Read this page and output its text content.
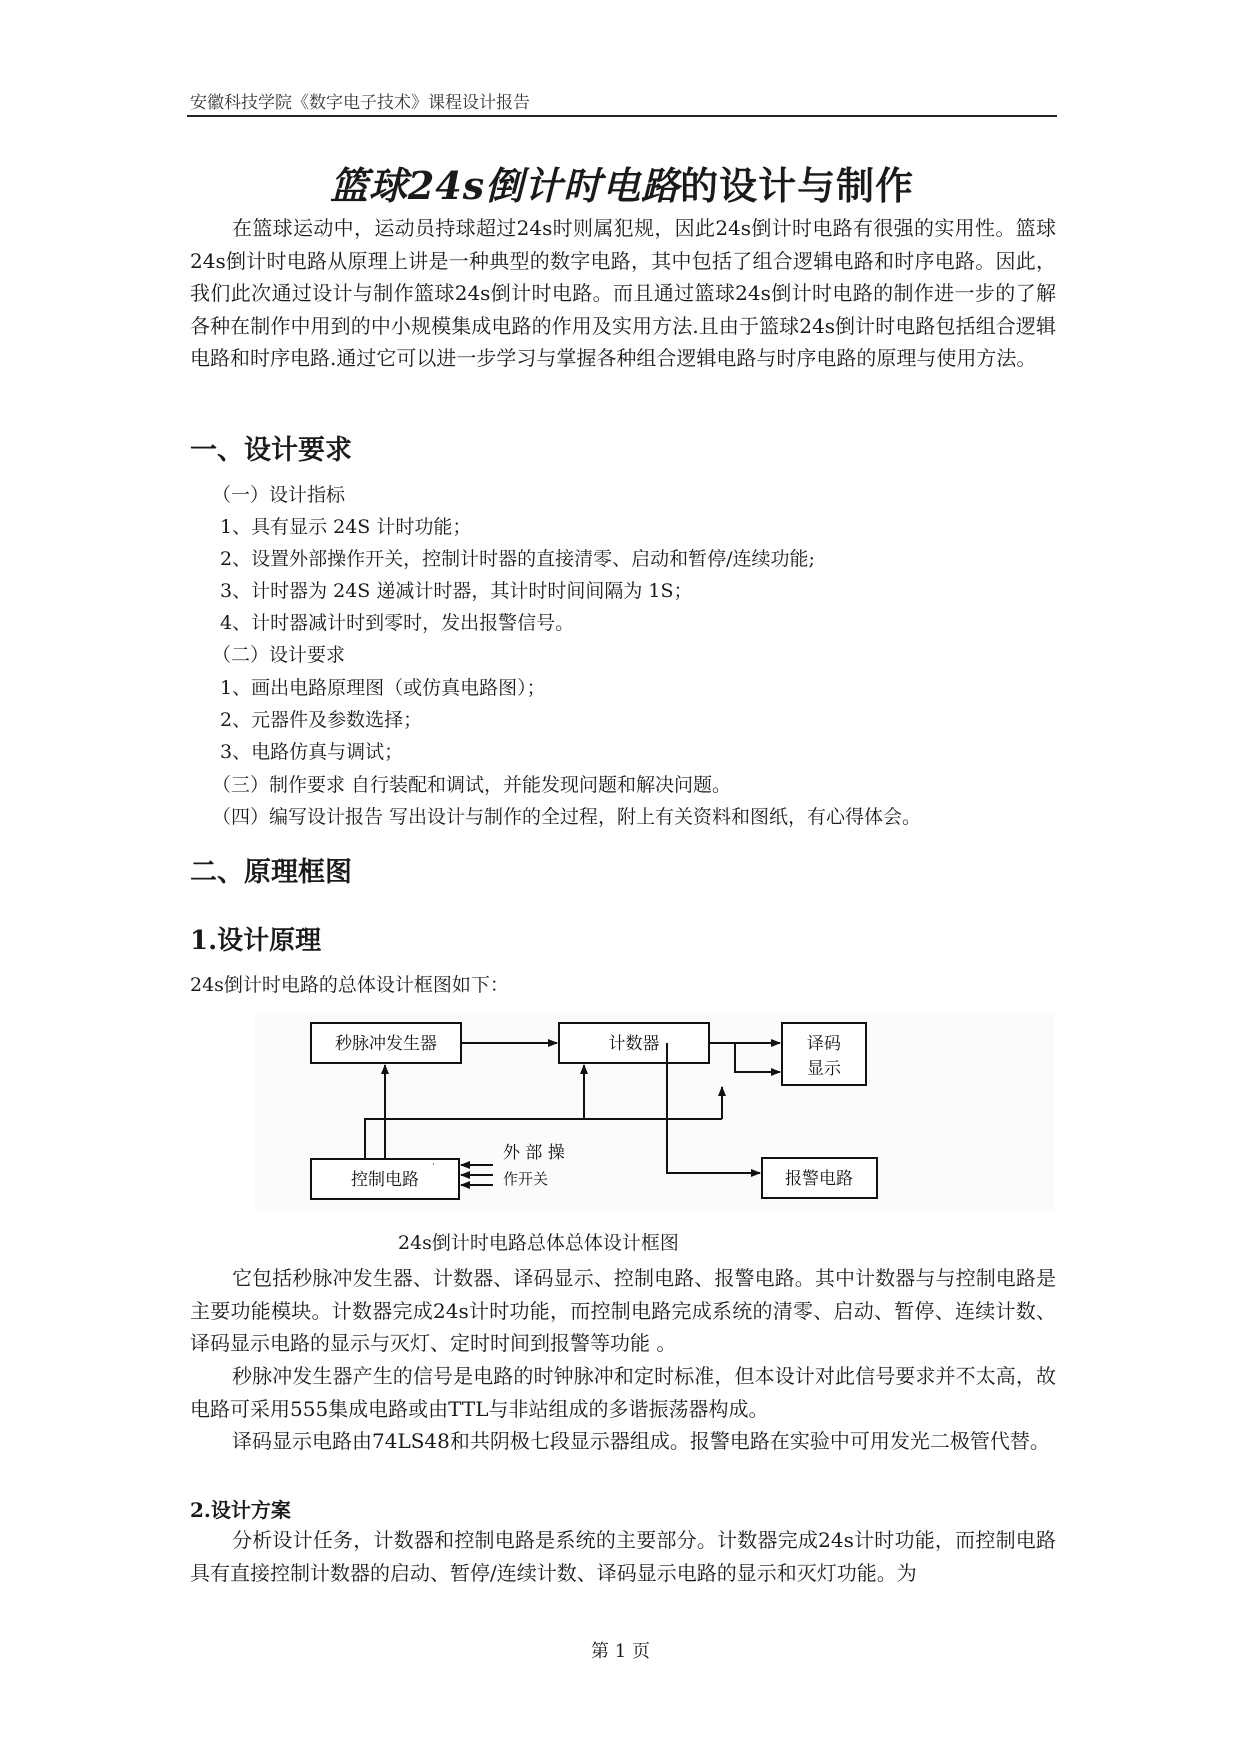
安徽科技学院《数字电子技术》课程设计报告
篮球24s倒计时电路的设计与制作
在篮球运动中，运动员持球超过24s时则属犯规，因此24s倒计时电路有很强的实用性。篮球24s倒计时电路从原理上讲是一种典型的数字电路，其中包括了组合逻辑电路和时序电路。因此，我们此次通过设计与制作篮球24s倒计时电路。而且通过篮球24s倒计时电路的制作进一步的了解各种在制作中用到的中小规模集成电路的作用及实用方法.且由于篮球24s倒计时电路包括组合逻辑电路和时序电路.通过它可以进一步学习与掌握各种组合逻辑电路与时序电路的原理与使用方法。
一、设计要求
（一）设计指标
1、具有显示 24S 计时功能；
2、设置外部操作开关，控制计时器的直接清零、启动和暂停/连续功能;
3、计时器为 24S 递减计时器，其计时时间间隔为 1S；
4、计时器减计时到零时，发出报警信号。
（二）设计要求
1、画出电路原理图（或仿真电路图）；
2、元器件及参数选择；
3、电路仿真与调试；
（三）制作要求 自行装配和调试，并能发现问题和解决问题。
（四）编写设计报告 写出设计与制作的全过程，附上有关资料和图纸，有心得体会。
二、原理框图
1.设计原理
24s倒计时电路的总体设计框图如下：
秒脉冲发生器	计数器	译码
显示
控制电路	报警电路
外 部 操
作开关
24s倒计时电路总体总体设计框图
它包括秒脉冲发生器、计数器、译码显示、控制电路、报警电路。其中计数器与与控制电路是主要功能模块。计数器完成24s计时功能，而控制电路完成系统的清零、启动、暂停、连续计数、译码显示电路的显示与灭灯、定时时间到报警等功能 。
秒脉冲发生器产生的信号是电路的时钟脉冲和定时标准，但本设计对此信号要求并不太高，故电路可采用555集成电路或由TTL与非站组成的多谐振荡器构成。
译码显示电路由74LS48和共阴极七段显示器组成。报警电路在实验中可用发光二极管代替。
2.设计方案
分析设计任务，计数器和控制电路是系统的主要部分。计数器完成24s计时功能，而控制电路具有直接控制计数器的启动、暂停/连续计数、译码显示电路的显示和灭灯功能。为
第 1 页
